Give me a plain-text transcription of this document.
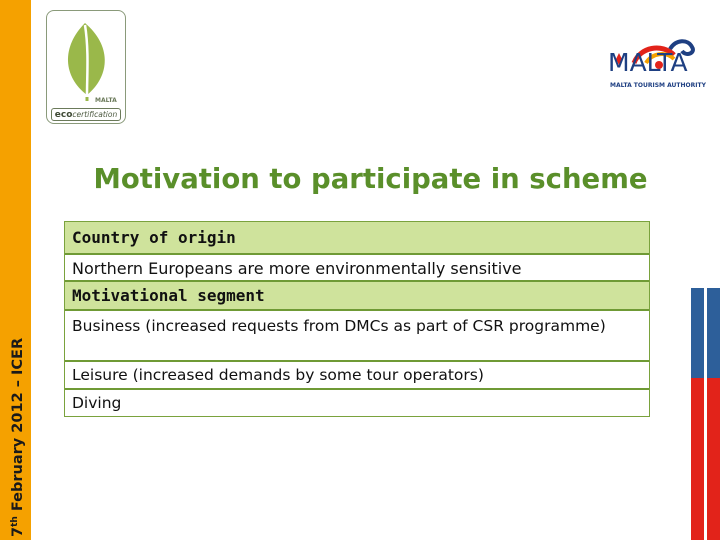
7th February 2012 – ICER
MALTA
ecocertification
MALTA
MALTA TOURISM AUTHORITY
Motivation to participate in scheme
Country of origin
Northern Europeans are more environmentally sensitive
Motivational segment
Business (increased requests from DMCs as part of CSR programme)
Leisure (increased demands by some tour operators)
Diving
